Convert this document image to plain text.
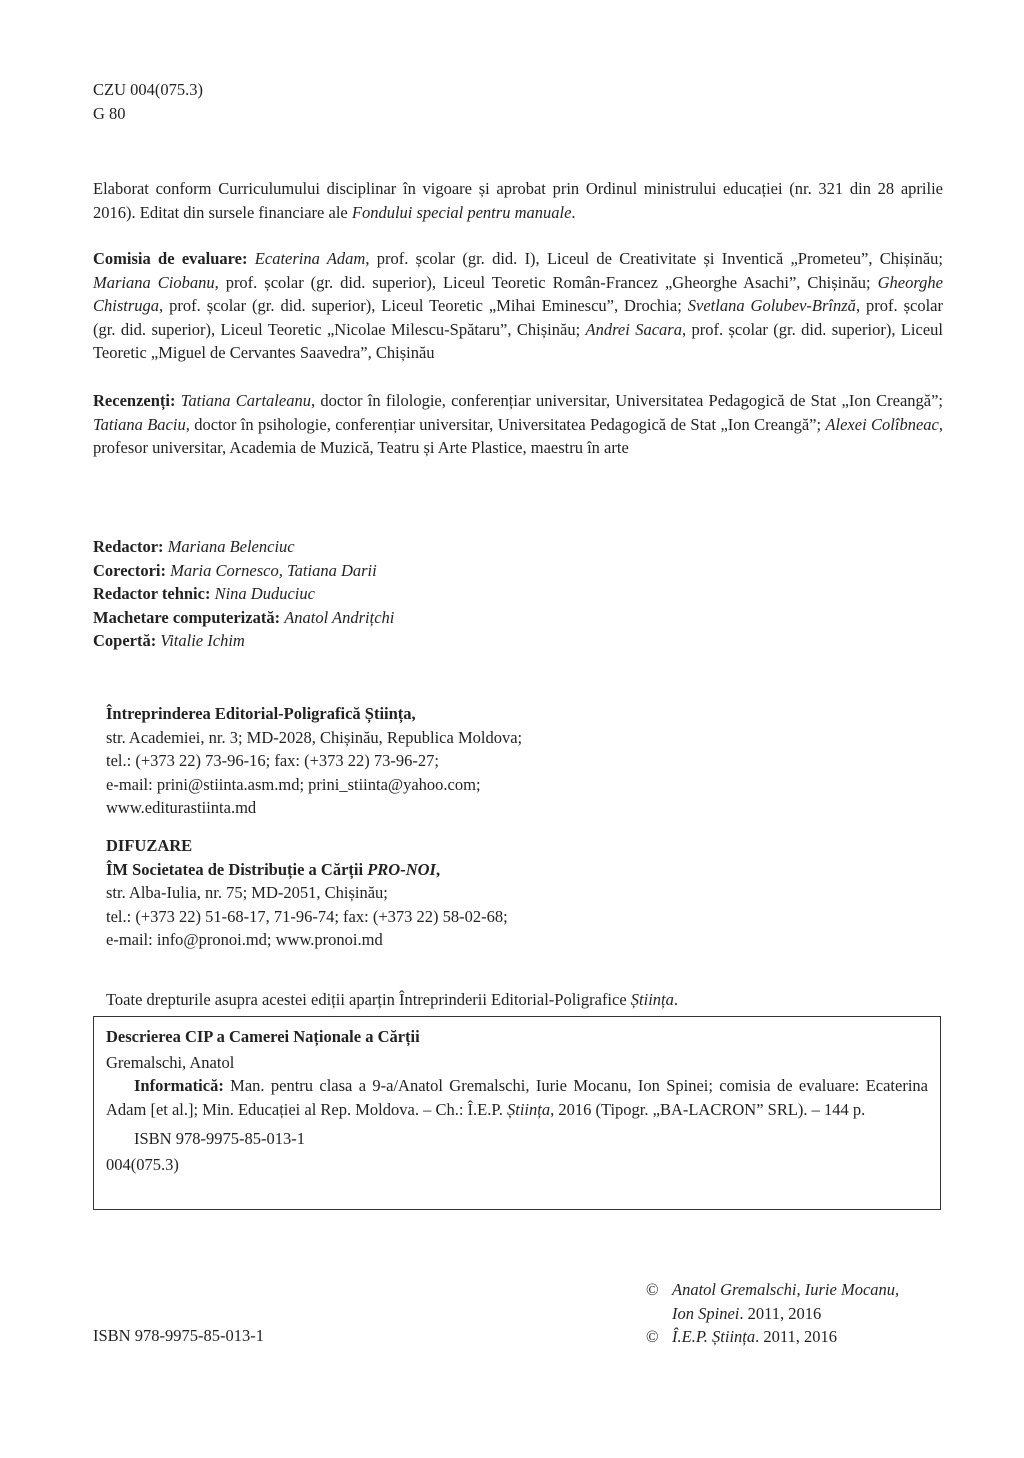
CZU 004(075.3)

G 80

Elaborat conform Curriculumului disciplinar în vigoare și aprobat prin Ordinul ministrului educației (nr. 321 din 28 aprilie 2016). Editat din sursele financiare ale Fondului special pentru manuale.
Comisia de evaluare: Ecaterina Adam, prof. școlar (gr. did. I), Liceul de Creativitate și Inventică „Prometeu”, Chișinău; Mariana Ciobanu, prof. școlar (gr. did. superior), Liceul Teoretic Român-Francez „Gheorghe Asachi”, Chișinău; Gheorghe Chistruga, prof. școlar (gr. did. superior), Liceul Teoretic „Mihai Eminescu”, Drochia; Svetlana Golubev-Brînză, prof. școlar (gr. did. superior), Liceul Teoretic „Nicolae Milescu-Spătaru”, Chișinău; Andrei Sacara, prof. școlar (gr. did. superior), Liceul Teoretic „Miguel de Cervantes Saavedra”, Chișinău
Recenzenți: Tatiana Cartaleanu, doctor în filologie, conferențiar universitar, Universitatea Pedagogică de Stat „Ion Creangă”; Tatiana Baciu, doctor în psihologie, conferențiar universitar, Universitatea Pedagogică de Stat „Ion Creangă”; Alexei Colîbneac, profesor universitar, Academia de Muzică, Teatru și Arte Plastice, maestru în arte

Redactor: Mariana Belenciuc

Corectori: Maria Cornesco, Tatiana Darii

Redactor tehnic: Nina Duduciuc

Machetare computerizată: Anatol Andrițchi

Copertă: Vitalie Ichim

Întreprinderea Editorial-Poligrafică Știința,

str. Academiei, nr. 3; MD-2028, Chișinău, Republica Moldova;

tel.: (+373 22) 73-96-16; fax: (+373 22) 73-96-27;

e-mail: prini@stiinta.asm.md; prini_stiinta@yahoo.com;

www.editurastiinta.md

DIFUZARE

ÎM Societatea de Distribuție a Cărții PRO-NOI,

str. Alba-Iulia, nr. 75; MD-2051, Chișinău;

tel.: (+373 22) 51-68-17, 71-96-74; fax: (+373 22) 58-02-68;

e-mail: info@pronoi.md; www.pronoi.md

Toate drepturile asupra acestei ediții aparțin Întreprinderii Editorial-Poligrafice Știința.
Descrierea CIP a Camerei Naționale a Cărții
Gremalschi, Anatol

Informatică: Man. pentru clasa a 9-a/Anatol Gremalschi, Iurie Mocanu, Ion Spinei; comisia de evaluare: Ecaterina Adam [et al.]; Min. Educației al Rep. Moldova. – Ch.: Î.E.P. Știința, 2016 (Tipogr. „BA-LACRON” SRL). – 144 p.

ISBN 978-9975-85-013-1
004(075.3)
ISBN 978-9975-85-013-1
© Anatol Gremalschi, Iurie Mocanu,
Ion Spinei. 2011, 2016
© Î.E.P. Știința. 2011, 2016
